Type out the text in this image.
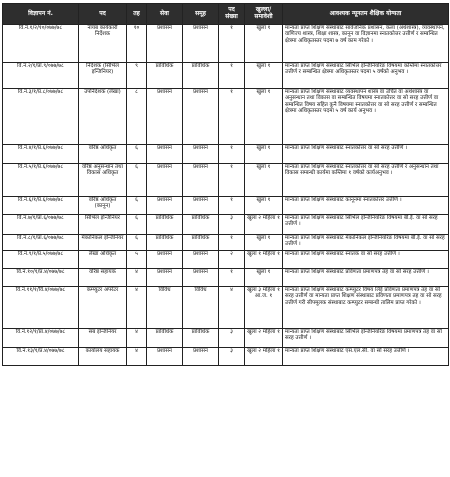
विज्ञापन नं.	पद	तह	सेवा	समूह	पद संख्या	खुल्ला/ समावेशी	आवश्यक न्यूनतम शैक्षिक योग्यता
वि.नं.१/२/१०/०७७/७८	नायब कार्यकारी निर्देशक	१०	प्रशासन	प्रशासन	१	खुला १	मान्यता प्राप्त शिक्षण संस्थाबाट सार्वजनिक प्रशासन, कला (अर्थशास्त्र), व्यवस्थापन, वाणिज्य शास्त्र, शिक्षा शास्त्र, कानून वा विज्ञानमा स्नातकोत्तर उत्तीर्ण र सम्बन्धित क्षेत्रमा अधिकृतस्तर पदमा ७ वर्ष काम गरेको ।
वि.नं.२/१/प्रा.९/०७७/७८	निर्देशक (सिभिल इन्जिनियर)	९	प्राविधिक	प्राविधिक	१	खुला १	मान्यता प्राप्त शिक्षण संस्थाबाट सिभिल इन्जिनियरिङ विषयमा कम्तिमा स्नातकोत्तर उत्तीर्ण र सम्बन्धित क्षेत्रमा अधिकृतस्तर पदमा ५ वर्षको अनुभव ।
वि.नं.३/१/प्र.८/०७७/७८	उपनिर्देशक (लेखा)	८	प्रशासन	प्रशासन	१	खुला १	मान्यता प्राप्त शिक्षण संस्थाबाट व्यवस्थापन शास्त्र वा उचित वा अर्थशास्त्र वा अनुसन्धान तथा विकास वा सम्बन्धित विषयमा स्नातकोत्तर वा सो सरह उत्तीर्ण वा सम्बन्धित विषय सहित कुनै विषयमा स्नातकोत्तर वा सो सरह उत्तीर्ण र सम्बन्धित क्षेत्रमा अधिकृतस्तर पदमा ५ वर्ष कार्य अनुभव ।
वि.नं.४/१/प्र.६/०७७/७८	वरिष्ठ अधिकृत	६	प्रशासन	प्रशासन	१	खुला १	मान्यता प्राप्त शिक्षण संस्थाबाट स्नातकोत्तर वा सो सरह उत्तीर्ण ।
वि.नं.५/१/प्र.६/०७७/७८	वरिष्ठ अनुसन्धान तथा विकास अधिकृत	६	प्रशासन	प्रशासन	१	खुला १	मान्यता प्राप्त शिक्षण संस्थाबाट स्नातकोत्तर वा सो सरह उत्तीर्ण र अनुसन्धान तथा विकास सम्बन्धी कार्यमा कम्तिमा १ वर्षको कार्यअनुभव ।
वि.नं.६/१/प्र.६/०७७/७८	वरिष्ठ अधिकृत (कानून)	६	प्रशासन	प्रशासन	१	खुला १	मान्यता प्राप्त शिक्षण संस्थाबाट कानूनमा स्नातकोत्तर उत्तीर्ण ।
वि.नं.७/१/प्रा.६/०७७/७८	सिभिल इन्जिनियर	६	प्राविधिक	प्राविधिक	३	खुला २ महिला १	मान्यता प्राप्त शिक्षण संस्थाबाट सिभिल इन्जिनियरिङ विषयमा बी.ई. वा सो सरह उत्तीर्ण ।
वि.नं.८/१/प्रा.६/०७७/७८	मेकानिकल इन्जिनियर	६	प्राविधिक	प्राविधिक	१	खुला १	मान्यता प्राप्त शिक्षण संस्थाबाट मेकानिकल इन्जिनियरिङ विषयमा बी.ई. वा सो सरह उत्तीर्ण ।
वि.नं.९/१/प्र.५/०७७/७८	लेखा अधिकृत	५	प्रशासन	प्रशासन	२	खुला १ महिला १	मान्यता प्राप्त शिक्षण संस्थाबाट स्नातक वा सो सरह उत्तीर्ण ।
वि.नं.१०/१/प्र.४/०७७/७८	वरिष्ठ सहायक	४	प्रशासन	प्रशासन	१	खुला १	मान्यता प्राप्त शिक्षण संस्थाबाट प्रविणता प्रमाणपत्र तह वा सो सरह उत्तीर्ण ।
वि.नं.११/१/वि.४/०७७/७८	कम्प्युटर अपरेटर	४	विविध	विविध	४	खुला ३ महिला १ आ.ज. १	मान्यता प्राप्त शिक्षण संस्थाबाट कम्प्युटर विषय लिई प्रविणता प्रमाणपत्र तह वा सो सरह उत्तीर्ण वा मान्यता प्राप्त शिक्षण संस्थाबाट प्रविणता प्रमाणपत्र तह वा सो सरह उत्तीर्ण गरी सीपमूलक संस्थाबाट कम्प्युटर सम्बन्धी तालिम प्राप्त गरेको ।
वि.नं.१२/१/प्रा.४/०७७/७८	सब इन्जिनियर	४	प्राविधिक	प्राविधिक	३	खुला २ महिला १	मान्यता प्राप्त शिक्षण संस्थाबाट सिभिल इन्जिनियरिङ विषयमा प्रमाणपत्र तह वा सो सरह उत्तीर्ण ।
वि.नं.१३/१/प्र.४/०७७/७८	कार्यालय सहायक	४	प्रशासन	प्रशासन	३	खुला २ महिला १	मान्यता प्राप्त शिक्षण संस्थाबाट एस.एल.सी. वा सो सरह उत्तीर्ण ।
